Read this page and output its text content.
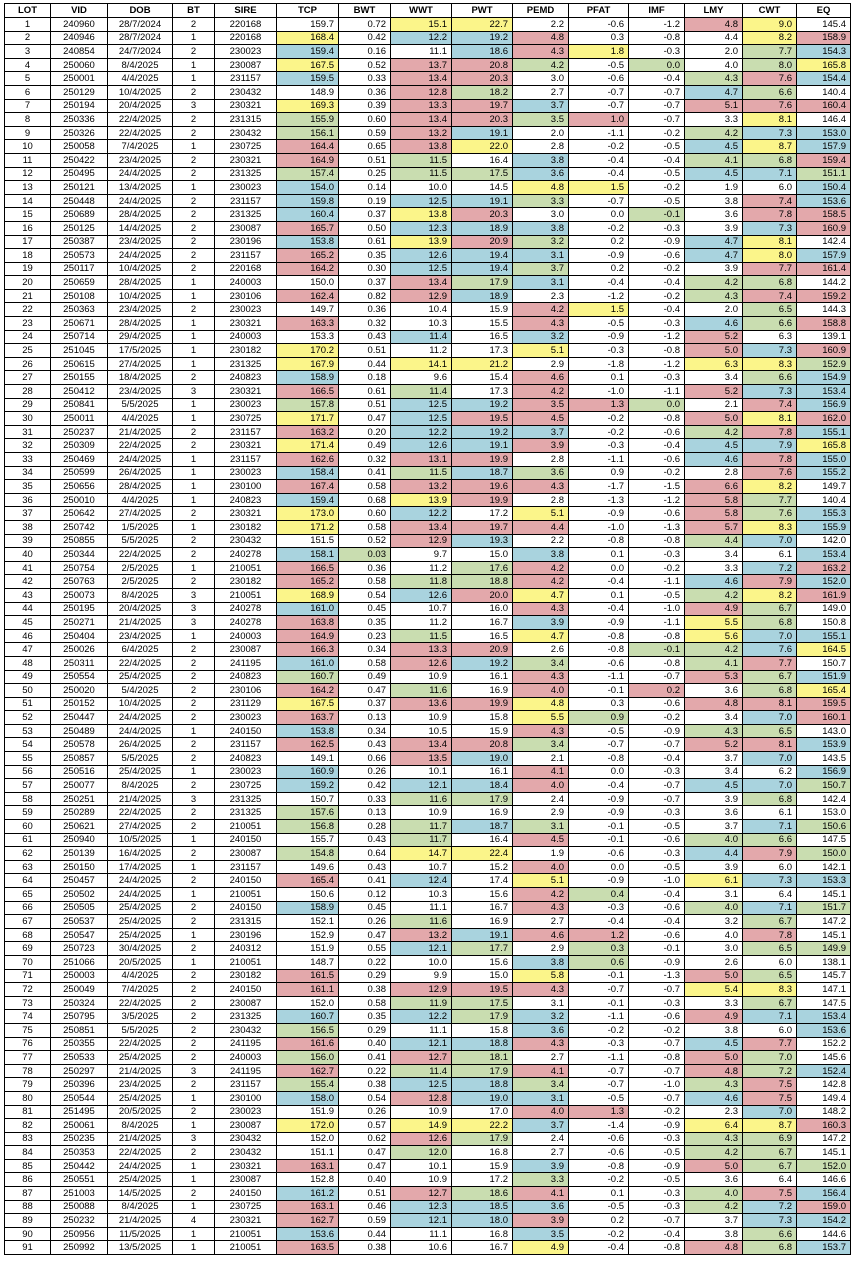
LOT	VID	DOB	BT	SIRE	TCP	BWT	WWT	PWT	PEMD	PFAT	IMF	LMY	CWT	EQ
1	240960	28/7/2024	2	220168	159.7	0.72	15.1	22.7	2.2	-0.6	-1.2	4.8	9.0	145.4
2	240946	28/7/2024	1	220168	168.4	0.42	12.2	19.2	4.8	0.3	-0.8	4.4	8.2	158.9
3	240854	24/7/2024	2	230023	159.4	0.16	11.1	18.6	4.3	1.8	-0.3	2.0	7.7	154.3
4	250060	8/4/2025	1	230087	167.5	0.52	13.7	20.8	4.2	-0.5	0.0	4.0	8.0	165.8
5	250001	4/4/2025	1	231157	159.5	0.33	13.4	20.3	3.0	-0.6	-0.4	4.3	7.6	154.4
6	250129	10/4/2025	2	230432	148.9	0.36	12.8	18.2	2.7	-0.7	-0.7	4.7	6.6	140.4
7	250194	20/4/2025	3	230321	169.3	0.39	13.3	19.7	3.7	-0.7	-0.7	5.1	7.6	160.4
8	250336	22/4/2025	2	231315	155.9	0.60	13.4	20.3	3.5	1.0	-0.7	3.3	8.1	146.4
9	250326	22/4/2025	2	230432	156.1	0.59	13.2	19.1	2.0	-1.1	-0.2	4.2	7.3	153.0
10	250058	7/4/2025	1	230725	164.4	0.65	13.8	22.0	2.8	-0.2	-0.5	4.5	8.7	157.9
11	250422	23/4/2025	2	230321	164.9	0.51	11.5	16.4	3.8	-0.4	-0.4	4.1	6.8	159.4
12	250495	24/4/2025	2	231325	157.4	0.25	11.5	17.5	3.6	-0.4	-0.5	4.5	7.1	151.1
13	250121	13/4/2025	1	230023	154.0	0.14	10.0	14.5	4.8	1.5	-0.2	1.9	6.0	150.4
14	250448	24/4/2025	2	231157	159.8	0.19	12.5	19.1	3.3	-0.7	-0.5	3.8	7.4	153.6
15	250689	28/4/2025	2	231325	160.4	0.37	13.8	20.3	3.0	0.0	-0.1	3.6	7.8	158.5
16	250125	14/4/2025	2	230087	165.7	0.50	12.3	18.9	3.8	-0.2	-0.3	3.9	7.3	160.9
17	250387	23/4/2025	2	230196	153.8	0.61	13.9	20.9	3.2	0.2	-0.9	4.7	8.1	142.4
18	250573	24/4/2025	2	231157	165.2	0.35	12.6	19.4	3.1	-0.9	-0.6	4.7	8.0	157.9
19	250117	10/4/2025	2	220168	164.2	0.30	12.5	19.4	3.7	0.2	-0.2	3.9	7.7	161.4
20	250659	28/4/2025	1	240003	150.0	0.37	13.4	17.9	3.1	-0.4	-0.4	4.2	6.8	144.2
21	250108	10/4/2025	1	230106	162.4	0.82	12.9	18.9	2.3	-1.2	-0.2	4.3	7.4	159.2
22	250363	23/4/2025	2	230023	149.7	0.36	10.4	15.9	4.2	1.5	-0.4	2.0	6.5	144.3
23	250671	28/4/2025	1	230321	163.3	0.32	10.3	15.5	4.3	-0.5	-0.3	4.6	6.6	158.8
24	250714	29/4/2025	1	240003	153.3	0.43	11.4	16.5	3.2	-0.9	-1.2	5.2	6.3	139.1
25	251045	17/5/2025	1	230182	170.2	0.51	11.2	17.3	5.1	-0.3	-0.8	5.0	7.3	160.9
26	250615	27/4/2025	1	231325	167.9	0.44	14.1	21.2	2.9	-1.8	-1.2	6.3	8.3	152.9
27	250155	18/4/2025	2	240823	158.9	0.18	9.6	15.4	4.6	0.1	-0.3	3.4	6.6	154.9
28	250412	23/4/2025	3	230321	166.5	0.61	11.4	17.3	4.2	-1.0	-1.1	5.2	7.3	153.4
29	250841	5/5/2025	1	230023	157.8	0.51	12.5	19.2	3.5	1.3	0.0	2.1	7.4	156.9
30	250011	4/4/2025	1	230725	171.7	0.47	12.5	19.5	4.5	-0.2	-0.8	5.0	8.1	162.0
31	250237	21/4/2025	2	231157	163.2	0.20	12.2	19.2	3.7	-0.2	-0.6	4.2	7.8	155.1
32	250309	22/4/2025	2	230321	171.4	0.49	12.6	19.1	3.9	-0.3	-0.4	4.5	7.9	165.8
33	250469	24/4/2025	1	231157	162.6	0.32	13.1	19.9	2.8	-1.1	-0.6	4.6	7.8	155.0
34	250599	26/4/2025	1	230023	158.4	0.41	11.5	18.7	3.6	0.9	-0.2	2.8	7.6	155.2
35	250656	28/4/2025	1	230100	167.4	0.58	13.2	19.6	4.3	-1.7	-1.5	6.6	8.2	149.7
36	250010	4/4/2025	1	240823	159.4	0.68	13.9	19.9	2.8	-1.3	-1.2	5.8	7.7	140.4
37	250642	27/4/2025	2	230321	173.0	0.60	12.2	17.2	5.1	-0.9	-0.6	5.8	7.6	155.3
38	250742	1/5/2025	1	230182	171.2	0.58	13.4	19.7	4.4	-1.0	-1.3	5.7	8.3	155.9
39	250855	5/5/2025	2	230432	151.5	0.52	12.9	19.3	2.2	-0.8	-0.8	4.4	7.0	142.0
40	250344	22/4/2025	2	240278	158.1	0.03	9.7	15.0	3.8	0.1	-0.3	3.4	6.1	153.4
41	250754	2/5/2025	1	210051	166.5	0.36	11.2	17.6	4.2	0.0	-0.2	3.3	7.2	163.2
42	250763	2/5/2025	2	230182	165.2	0.58	11.8	18.8	4.2	-0.4	-1.1	4.6	7.9	152.0
43	250073	8/4/2025	3	210051	168.9	0.54	12.6	20.0	4.7	0.1	-0.5	4.2	8.2	161.9
44	250195	20/4/2025	3	240278	161.0	0.45	10.7	16.0	4.3	-0.4	-1.0	4.9	6.7	149.0
45	250271	21/4/2025	3	240278	163.8	0.35	11.2	16.7	3.9	-0.9	-1.1	5.5	6.8	150.8
46	250404	23/4/2025	1	240003	164.9	0.23	11.5	16.5	4.7	-0.8	-0.8	5.6	7.0	155.1
47	250026	6/4/2025	2	230087	166.3	0.34	13.3	20.9	2.6	-0.8	-0.1	4.2	7.6	164.5
48	250311	22/4/2025	2	241195	161.0	0.58	12.6	19.2	3.4	-0.6	-0.8	4.1	7.7	150.7
49	250554	25/4/2025	2	240823	160.7	0.49	10.9	16.1	4.3	-1.1	-0.7	5.3	6.7	151.9
50	250020	5/4/2025	2	230106	164.2	0.47	11.6	16.9	4.0	-0.1	0.2	3.6	6.8	165.4
51	250152	10/4/2025	2	231129	167.5	0.37	13.6	19.9	4.8	0.3	-0.6	4.8	8.1	159.5
52	250447	24/4/2025	2	230023	163.7	0.13	10.9	15.8	5.5	0.9	-0.2	3.4	7.0	160.1
53	250489	24/4/2025	1	240150	153.8	0.34	10.5	15.9	4.3	-0.5	-0.9	4.3	6.5	143.0
54	250578	26/4/2025	2	231157	162.5	0.43	13.4	20.8	3.4	-0.7	-0.7	5.2	8.1	153.9
55	250857	5/5/2025	2	240823	149.1	0.66	13.5	19.0	2.1	-0.8	-0.4	3.7	7.0	143.5
56	250516	25/4/2025	1	230023	160.9	0.26	10.1	16.1	4.1	0.0	-0.3	3.4	6.2	156.9
57	250077	8/4/2025	2	230725	159.2	0.42	12.1	18.4	4.0	-0.4	-0.7	4.5	7.0	150.7
58	250251	21/4/2025	3	231325	150.7	0.33	11.6	17.9	2.4	-0.9	-0.7	3.9	6.8	142.4
59	250289	22/4/2025	2	231325	157.6	0.13	10.9	16.9	2.9	-0.9	-0.3	3.6	6.1	153.0
60	250621	27/4/2025	2	210051	156.8	0.28	11.7	18.7	3.1	-0.1	-0.5	3.7	7.1	150.6
61	250940	10/5/2025	1	240150	155.7	0.43	11.7	16.4	4.5	-0.1	-0.6	4.0	6.6	147.5
62	250139	16/4/2025	2	230087	154.8	0.64	14.7	22.4	1.9	-0.6	-0.3	4.4	7.9	150.0
63	250150	17/4/2025	1	231157	149.6	0.43	10.7	15.2	4.0	0.0	-0.5	3.9	6.0	142.1
64	250457	24/4/2025	2	240150	165.4	0.41	12.4	17.4	5.1	-0.9	-1.0	6.1	7.3	153.3
65	250502	24/4/2025	1	210051	150.6	0.12	10.3	15.6	4.2	0.4	-0.4	3.1	6.4	145.1
66	250505	25/4/2025	2	240150	158.9	0.45	11.1	16.7	4.3	-0.3	-0.6	4.0	7.1	151.7
67	250537	25/4/2025	2	231315	152.1	0.26	11.6	16.9	2.7	-0.4	-0.4	3.2	6.7	147.2
68	250547	25/4/2025	1	230196	152.9	0.47	13.2	19.1	4.6	1.2	-0.6	4.0	7.8	145.1
69	250723	30/4/2025	2	240312	151.9	0.55	12.1	17.7	2.9	0.3	-0.1	3.0	6.5	149.9
70	251066	20/5/2025	1	210051	148.7	0.22	10.0	15.6	3.8	0.6	-0.9	2.6	6.0	138.1
71	250003	4/4/2025	2	230182	161.5	0.29	9.9	15.0	5.8	-0.1	-1.3	5.0	6.5	145.7
72	250049	7/4/2025	2	240150	161.1	0.38	12.9	19.5	4.3	-0.7	-0.7	5.4	8.3	147.1
73	250324	22/4/2025	2	230087	152.0	0.58	11.9	17.5	3.1	-0.1	-0.3	3.3	6.7	147.5
74	250795	3/5/2025	2	231325	160.7	0.35	12.2	17.9	3.2	-1.1	-0.6	4.9	7.1	153.4
75	250851	5/5/2025	2	230432	156.5	0.29	11.1	15.8	3.6	-0.2	-0.2	3.8	6.0	153.6
76	250355	22/4/2025	2	241195	161.6	0.40	12.1	18.8	4.3	-0.3	-0.7	4.5	7.7	152.2
77	250533	25/4/2025	2	240003	156.0	0.41	12.7	18.1	2.7	-1.1	-0.8	5.0	7.0	145.6
78	250297	21/4/2025	3	241195	162.7	0.22	11.4	17.9	4.1	-0.7	-0.7	4.8	7.2	152.4
79	250396	23/4/2025	2	231157	155.4	0.38	12.5	18.8	3.4	-0.7	-1.0	4.3	7.5	142.8
80	250544	25/4/2025	1	230100	158.0	0.54	12.8	19.0	3.1	-0.5	-0.7	4.6	7.5	149.4
81	251495	20/5/2025	2	230023	151.9	0.26	10.9	17.0	4.0	1.3	-0.2	2.3	7.0	148.2
82	250061	8/4/2025	1	230087	172.0	0.57	14.9	22.2	3.7	-1.4	-0.9	6.4	8.7	160.3
83	250235	21/4/2025	3	230432	152.0	0.62	12.6	17.9	2.4	-0.6	-0.3	4.3	6.9	147.2
84	250353	22/4/2025	2	230432	151.1	0.47	12.0	16.8	2.7	-0.6	-0.5	4.2	6.7	145.1
85	250442	24/4/2025	1	230321	163.1	0.47	10.1	15.9	3.9	-0.8	-0.9	5.0	6.7	152.0
86	250551	25/4/2025	1	230087	152.8	0.40	10.9	17.2	3.3	-0.2	-0.5	3.6	6.4	146.6
87	251003	14/5/2025	2	240150	161.2	0.51	12.7	18.6	4.1	0.1	-0.3	4.0	7.5	156.4
88	250088	8/4/2025	1	230725	163.1	0.46	12.3	18.5	3.6	-0.5	-0.3	4.2	7.2	159.0
89	250232	21/4/2025	4	230321	162.7	0.59	12.1	18.0	3.9	0.2	-0.7	3.7	7.3	154.2
90	250956	11/5/2025	1	210051	153.6	0.44	11.1	16.8	3.5	-0.2	-0.4	3.8	6.6	144.6
91	250992	13/5/2025	1	210051	163.5	0.38	10.6	16.7	4.9	-0.4	-0.8	4.8	6.8	153.7
